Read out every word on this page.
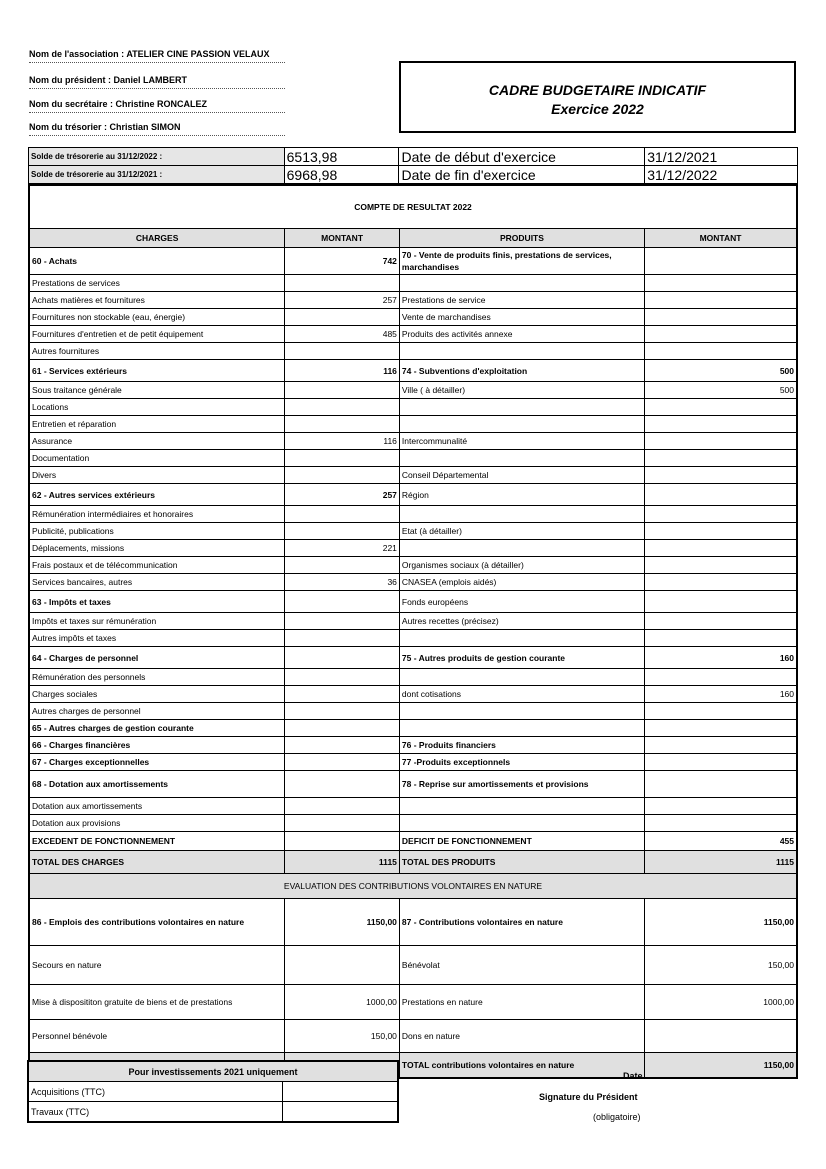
Nom de l'association : ATELIER CINE PASSION VELAUX
Nom du président : Daniel LAMBERT
Nom du secrétaire : Christine RONCALEZ
Nom du trésorier : Christian SIMON
CADRE BUDGETAIRE INDICATIF
Exercice 2022
Solde de trésorerie au 31/12/2022 :	6513,98	Date de début d'exercice	31/12/2021
Solde de trésorerie au 31/12/2021 :	6968,98	Date de fin d'exercice	31/12/2022
COMPTE DE RESULTAT 2022			
CHARGES	MONTANT	PRODUITS	MONTANT
60 - Achats	742	70 - Vente de produits finis, prestations de services, marchandises	
Prestations de services			
Achats matières et fournitures	257	Prestations de service	
Fournitures non stockable (eau, énergie)		Vente de marchandises	
Fournitures d'entretien et de petit équipement	485	Produits des activités annexe	
Autres fournitures			
61 - Services extérieurs	116	74 - Subventions d'exploitation	500
Sous traitance générale		Ville ( à détailler)	500
Locations			
Entretien et réparation			
Assurance	116	Intercommunalité	
Documentation			
Divers		Conseil Départemental	
62 - Autres services extérieurs	257	Région	
Rémunération intermédiaires et honoraires			
Publicité, publications		Etat (à détailler)	
Déplacements, missions	221		
Frais postaux et de télécommunication		Organismes sociaux (à détailler)	
Services bancaires, autres	36	CNASEA (emplois aidés)	
63 - Impôts et taxes		Fonds européens	
Impôts et taxes sur rémunération		Autres recettes (précisez)	
Autres impôts et taxes			
64 - Charges de personnel		75 - Autres produits de gestion courante	160
Rémunération des personnels			
Charges sociales		dont cotisations	160
Autres charges de personnel			
65 - Autres charges de gestion courante			
66 - Charges financières		76 - Produits financiers	
67 - Charges exceptionnelles		77 -Produits exceptionnels	
68 - Dotation aux amortissements		78 - Reprise sur amortissements et provisions	
Dotation aux amortissements			
Dotation aux provisions			
EXCEDENT DE FONCTIONNEMENT		DEFICIT DE FONCTIONNEMENT	455
TOTAL DES CHARGES	1115	TOTAL DES PRODUITS	1115
EVALUATION DES CONTRIBUTIONS VOLONTAIRES EN NATURE			
86 - Emplois des contributions volontaires en nature	1150,00	87 - Contributions volontaires en nature	1150,00
Secours en nature		Bénévolat	150,00
Mise à disposititon gratuite de biens et de prestations	1000,00	Prestations en nature	1000,00
Personnel bénévole	150,00	Dons en nature	
		TOTAL contributions volontaires en nature	1150,00
Pour investissements 2021 uniquement	
Acquisitions (TTC)	
Travaux (TTC)	
Date
Signature du Président
(obligatoire)
